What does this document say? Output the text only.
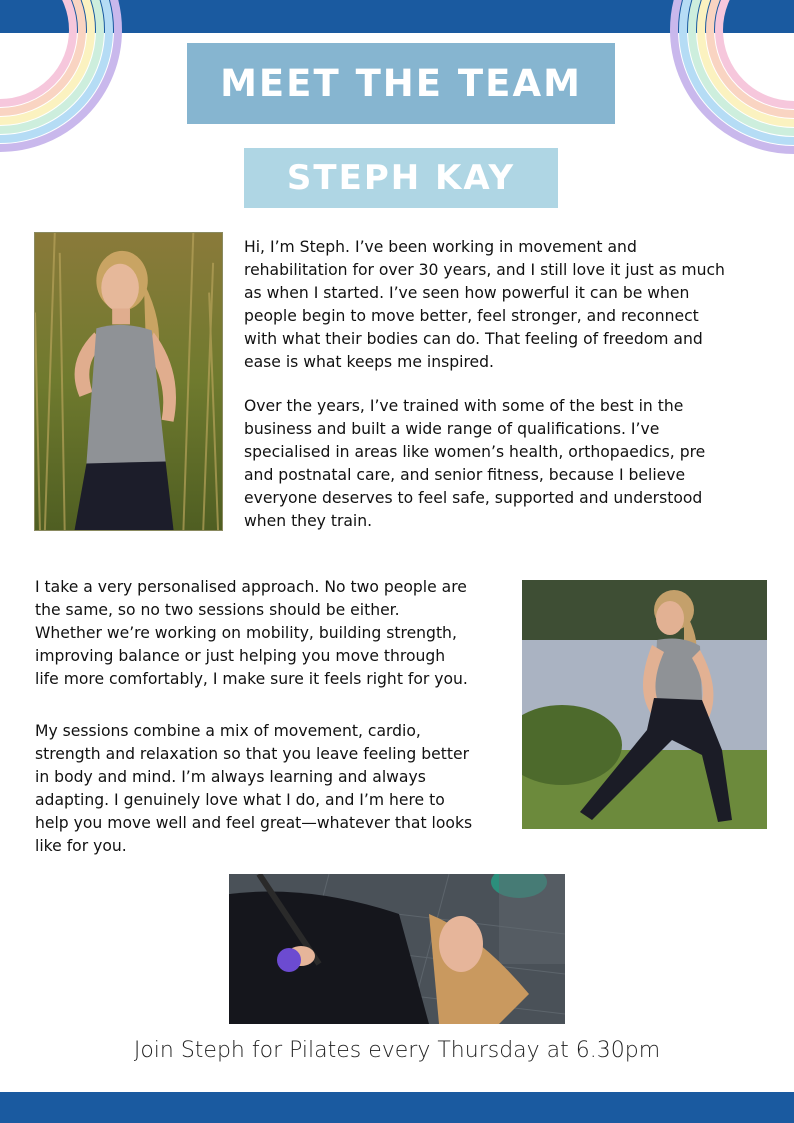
MEET THE TEAM
STEPH KAY

Hi, I’m Steph. I’ve been working in movement and
rehabilitation for over 30 years, and I still love it just as much
as when I started. I’ve seen how powerful it can be when
people begin to move better, feel stronger, and reconnect
with what their bodies can do. That feeling of freedom and
ease is what keeps me inspired.

Over the years, I’ve trained with some of the best in the
business and built a wide range of qualifications. I’ve
specialised in areas like women’s health, orthopaedics, pre
and postnatal care, and senior fitness, because I believe
everyone deserves to feel safe, supported and understood
when they train.

I take a very personalised approach. No two people are
the same, so no two sessions should be either.
Whether we’re working on mobility, building strength,
improving balance or just helping you move through
life more comfortably, I make sure it feels right for you.

My sessions combine a mix of movement, cardio,
strength and relaxation so that you leave feeling better
in body and mind. I’m always learning and always
adapting. I genuinely love what I do, and I’m here to
help you move well and feel great—whatever that looks
like for you.

Join Steph for Pilates every Thursday at 6.30pm
